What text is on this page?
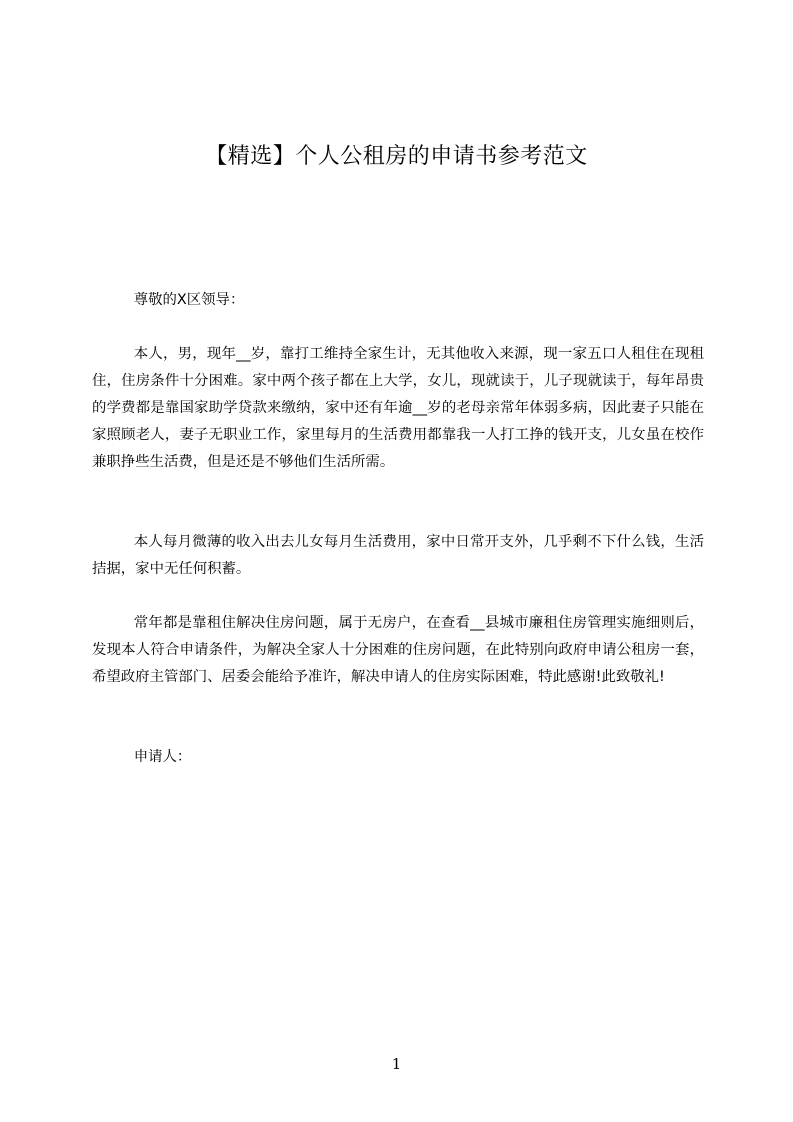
【精选】个人公租房的申请书参考范文

尊敬的X区领导：

本人，男，现年__岁，靠打工维持全家生计，无其他收入来源，现一家五口人租住在现租住，住房条件十分困难。家中两个孩子都在上大学，女儿，现就读于，儿子现就读于，每年昂贵的学费都是靠国家助学贷款来缴纳，家中还有年逾__岁的老母亲常年体弱多病，因此妻子只能在家照顾老人，妻子无职业工作，家里每月的生活费用都靠我一人打工挣的钱开支，儿女虽在校作兼职挣些生活费，但是还是不够他们生活所需。

本人每月微薄的收入出去儿女每月生活费用，家中日常开支外，几乎剩不下什么钱，生活拮据，家中无任何积蓄。

常年都是靠租住解决住房问题，属于无房户，在查看__县城市廉租住房管理实施细则后，发现本人符合申请条件，为解决全家人十分困难的住房问题，在此特别向政府申请公租房一套，希望政府主管部门、居委会能给予准许，解决申请人的住房实际困难，特此感谢!此致敬礼!

申请人：

1
